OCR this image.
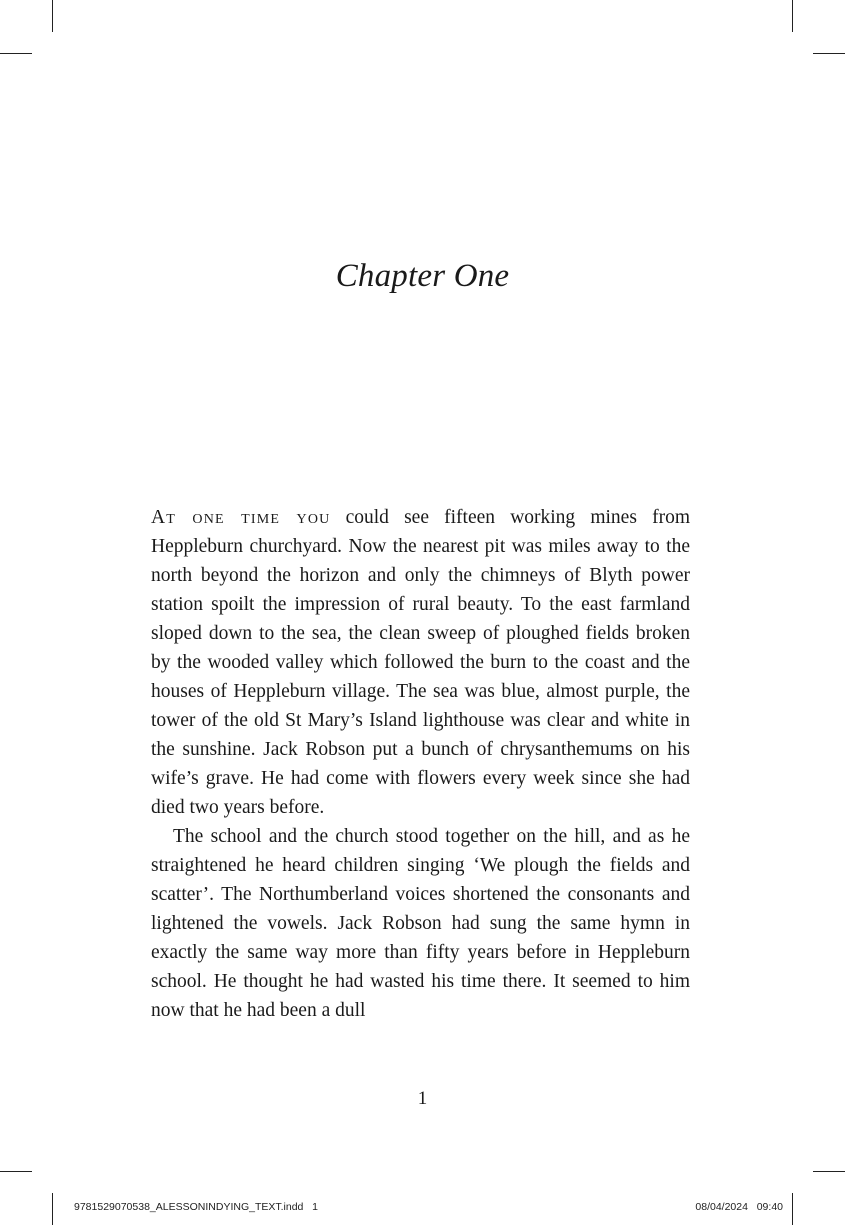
Chapter One

At one time you could see fifteen working mines from Heppleburn churchyard. Now the nearest pit was miles away to the north beyond the horizon and only the chimneys of Blyth power station spoilt the impression of rural beauty. To the east farmland sloped down to the sea, the clean sweep of ploughed fields broken by the wooded valley which followed the burn to the coast and the houses of Heppleburn village. The sea was blue, almost purple, the tower of the old St Mary’s Island lighthouse was clear and white in the sunshine. Jack Robson put a bunch of chrysanthemums on his wife’s grave. He had come with flowers every week since she had died two years before.

The school and the church stood together on the hill, and as he straightened he heard children singing ‘We plough the fields and scatter’. The Northumberland voices shortened the consonants and lightened the vowels. Jack Robson had sung the same hymn in exactly the same way more than fifty years before in Heppleburn school. He thought he had wasted his time there. It seemed to him now that he had been a dull

1
9781529070538_ALESSONINDYING_TEXT.indd   1	08/04/2024 09:40
